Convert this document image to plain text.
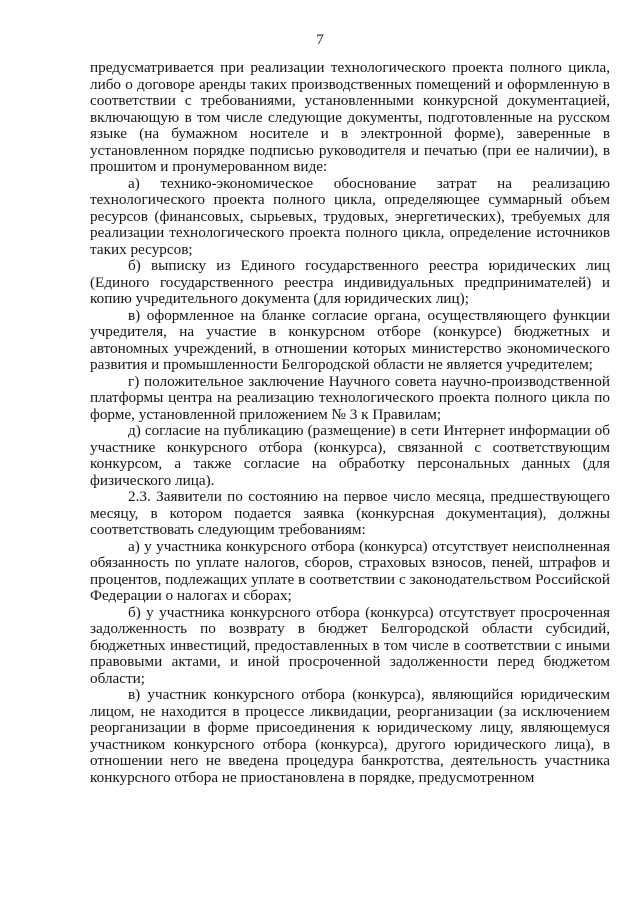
7

предусматривается при реализации технологического проекта полного цикла, либо о договоре аренды таких производственных помещений и оформленную в соответствии с требованиями, установленными конкурсной документацией, включающую в том числе следующие документы, подготовленные на русском языке (на бумажном носителе и в электронной форме), заверенные в установленном порядке подписью руководителя и печатью (при ее наличии), в прошитом и пронумерованном виде:

а) технико-экономическое обоснование затрат на реализацию технологического проекта полного цикла, определяющее суммарный объем ресурсов (финансовых, сырьевых, трудовых, энергетических), требуемых для реализации технологического проекта полного цикла, определение источников таких ресурсов;

б) выписку из Единого государственного реестра юридических лиц (Единого государственного реестра индивидуальных предпринимателей) и копию учредительного документа (для юридических лиц);

в) оформленное на бланке согласие органа, осуществляющего функции учредителя, на участие в конкурсном отборе (конкурсе) бюджетных и автономных учреждений, в отношении которых министерство экономического развития и промышленности Белгородской области не является учредителем;

г) положительное заключение Научного совета научно-производственной платформы центра на реализацию технологического проекта полного цикла по форме, установленной приложением № 3 к Правилам;

д) согласие на публикацию (размещение) в сети Интернет информации об участнике конкурсного отбора (конкурса), связанной с соответствующим конкурсом, а также согласие на обработку персональных данных (для физического лица).

2.3. Заявители по состоянию на первое число месяца, предшествующего месяцу, в котором подается заявка (конкурсная документация), должны соответствовать следующим требованиям:

а) у участника конкурсного отбора (конкурса) отсутствует неисполненная обязанность по уплате налогов, сборов, страховых взносов, пеней, штрафов и процентов, подлежащих уплате в соответствии с законодательством Российской Федерации о налогах и сборах;

б) у участника конкурсного отбора (конкурса) отсутствует просроченная задолженность по возврату в бюджет Белгородской области субсидий, бюджетных инвестиций, предоставленных в том числе в соответствии с иными правовыми актами, и иной просроченной задолженности перед бюджетом области;

в) участник конкурсного отбора (конкурса), являющийся юридическим лицом, не находится в процессе ликвидации, реорганизации (за исключением реорганизации в форме присоединения к юридическому лицу, являющемуся участником конкурсного отбора (конкурса), другого юридического лица), в отношении него не введена процедура банкротства, деятельность участника конкурсного отбора не приостановлена в порядке, предусмотренном
